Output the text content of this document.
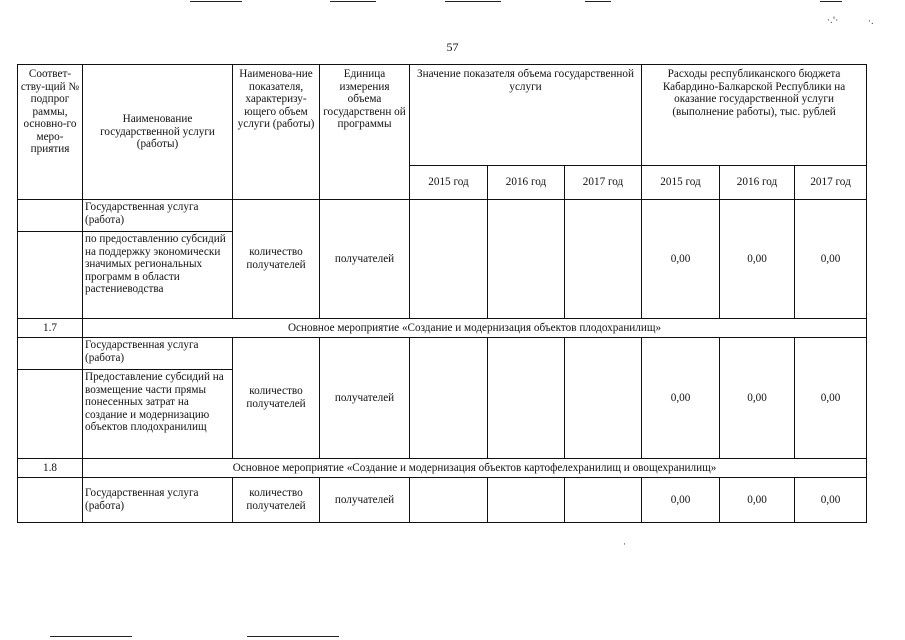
·.'·	·.
·
57
Соответ-ству-щий № подпрог раммы, основно-го меро-приятия	Наименование государственной услуги (работы)	Наименова-ние показателя, характеризу-ющего объем услуги (работы)	Единица измерения объема государственн ой программы	Значение показателя объема государственной услуги			Расходы республиканского бюджета Кабардино-Балкарской Республики на оказание государственной услуги (выполнение работы), тыс. рублей		
				2015 год	2016 год	2017 год	2015 год	2016 год	2017 год
	Государственная услуга (работа)	количество получателей	получателей				0,00	0,00	0,00
	по предоставлению субсидий на поддержку экономически значимых региональных программ в области растениеводства								
1.7	Основное мероприятие «Создание и модернизация объектов плодохранилищ»								
	Государственная услуга (работа)	количество получателей	получателей				0,00	0,00	0,00
	Предоставление субсидий на возмещение части прямы понесенных затрат на создание и модернизацию объектов плодохранилищ								
1.8	Основное мероприятие «Создание и модернизация объектов картофелехранилищ и овощехранилищ»								
	Государственная услуга (работа)	количество получателей	получателей				0,00	0,00	0,00
